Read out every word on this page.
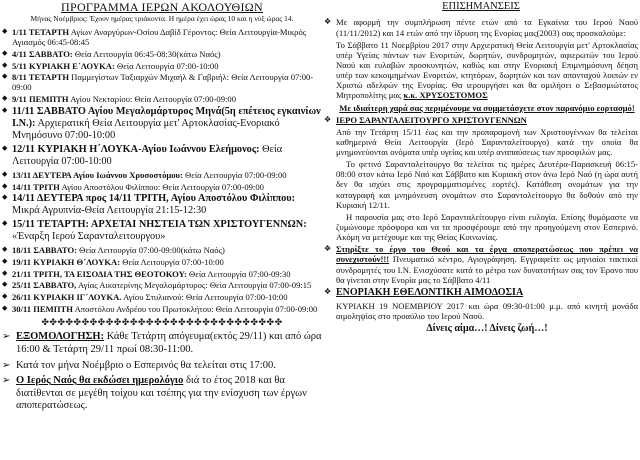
ΠΡΟΓΡΑΜΜΑ ΙΕΡΩΝ ΑΚΟΛΟΥΘΙΩΝ
Μήνας Νοέμβριος: Έχουν ημέρας τριάκοντα. Η ημέρα έχει ώρας 10 και η νύξ ώρας 14.
◆
1/11 ΤΕΤΑΡΤΗ Αγίων Αναργύρων-Οσίου Δαβίδ Γέροντος: Θεία Λειτουργία-Μικρός Αγιασμός 06:45-08:45
◆
4/11 ΣΑΒΒΑΤΟ: Θεία Λειτουργία 06:45-08:30(κάτω Ναός)
◆
5/11 ΚΥΡΙΑΚΗ Ε΄ΛΟΥΚΑ: Θεία Λειτουργία 07:00-10:00
◆
8/11 ΤΕΤΑΡΤΗ Παμμεγίστων Ταξιαρχών Μιχαήλ & Γαβριήλ: Θεία Λειτουργία 07:00-09:00
◆
9/11 ΠΕΜΠΤΗ Αγίου Νεκταρίου: Θεία Λειτουργία 07:00-09:00
◆
11/11 ΣΑΒΒΑΤΟ Αγίου Μεγαλομάρτυρος Μηνά(5η επέτειος εγκαινίων Ι.Ν.): Αρχιερατική Θεία Λειτουργία μετ' Αρτοκλασίας-Ενοριακό Μνημόσυνο 07:00-10:00
◆
12/11 ΚΥΡΙΑΚΗ Η΄ΛΟΥΚΑ-Αγίου Ιωάννου Ελεήμονος: Θεία Λειτουργία 07:00-10:00
◆
13/11 ΔΕΥΤΕΡΑ Αγίου Ιωάννου Χρυσοστόμου: Θεία Λειτουργία 07:00-09:00
◆
14/11 ΤΡΙΤΗ Αγίου Αποστόλου Φιλίππου: Θεία Λειτουργία 07:00-09:00
◆
14/11 ΔΕΥΤΕΡΑ προς 14/11 ΤΡΙΤΗ, Αγίου Αποστόλου Φιλίππου: Μικρά Αγρυπνία-Θεία Λειτουργία 21:15-12:30
◆
15/11 ΤΕΤΑΡΤΗ: ΑΡΧΕΤΑΙ ΝΗΣΤΕΙΑ ΤΩΝ ΧΡΙΣΤΟΥΓΕΝΝΩΝ: «Έναρξη Ιερού Σαρανταλειτουργου»
◆
18/11 ΣΑΒΒΑΤΟ: Θεία Λειτουργία 07:00-09:00(κάτω Ναός)
◆
19/11 ΚΥΡΙΑΚΗ Θ΄ΛΟΥΚΑ: Θεία Λειτουργία 07:00-10:00
◆
21/11 ΤΡΙΤΗ, ΤΑ ΕΙΣΟΔΙΑ ΤΗΣ ΘΕΟΤΟΚΟΥ: Θεία Λειτουργία 07:00-09:30
◆
25/11 ΣΑΒΒΑΤΟ, Αγίας Αικατερίνης Μεγαλομάρτυρος: Θεία Λειτουργία 07:00-09:15
◆
26/11 ΚΥΡΙΑΚΗ ΙΓ΄ΛΟΥΚΑ. Αγίου Στυλιανού: Θεία Λειτουργία 07:00-10:00
◆
30/11 ΠΕΜΠΤΗ Αποστόλου Ανδρέου του Πρωτοκλήτου: Θεία Λειτουργία 07:00-09:00
✤✤✤✤✤✤✤✤✤✤✤✤✤✤✤✤✤✤✤✤✤✤✤✤✤✤✤✤✤✤
➢
ΕΞΟΜΟΛΟΓΗΣΗ: Κάθε Τετάρτη απόγευμα(εκτός 29/11) και από ώρα 16:00 & Τετάρτη 29/11 πρωί 08:30-11:00.
➢
Κατά τον μήνα Νοέμβριο ο Εσπερινός θα τελείται στις 17:00.
➢
Ο Ιερός Ναός θα εκδώσει ημερολόγιο διά το έτος 2018 και θα διατίθενται σε μεγέθη τοίχου και τσέπης για την ενίσχυση των έργων αποπερατώσεως.
ΕΠΙΣΗΜΑΝΣΕΙΣ
❖
Με αφορμή την συμπλήρωση πέντε ετών από τα Εγκαίνια του Ιερού Ναού (11/11/2012) και 14 ετών από την ίδρυση της Ενορίας μας(2003) σας προσκαλούμε:
Το Σάββατο 11 Νοεμβρίου 2017 στην Αρχιερατική Θεία Λειτουργία μετ' Αρτοκλασίας υπέρ Υγείας πάντων των Ενοριτών, δωρητών, συνδρομητών, αφιερωτών του Ιερού Ναού και ευλαβών προσκυνητών, καθώς και στην Ενοριακή Επιμνημόσυνη δέηση υπέρ των κεκοιμημένων Ενοριτών, κτητόρων, δωρητών και των απανταχού λοιπών εν Χριστώ αδελφών της Ενορίας. Θα ιερουργήσει και θα ομιλήσει ο Σεβασμιώτατος Μητροπολίτης μας κ.κ. ΧΡΥΣΟΣΤΟΜΟΣ
Με ιδιαίτερη χαρά σας περιμένουμε να συμμετάσχετε στον παρανόμιο εορτασμό!
❖
ΙΕΡΟ ΣΑΡΑΝΤΑΛΕΙΤΟΥΡΓΟ ΧΡΙΣΤΟΥΓΕΝΝΩΝ
Από την Τετάρτη 15/11 έως και την προπαραμονή των Χριστουγέννων θα τελείται καθημερινά Θεία Λειτουργία (Ιερό Σαρανταλείτουργο) κατά την οποία θα μνημονεύονται ονόματα υπέρ υγείας και υπέρ αναπαύσεως των προσφιλών μας.
Το φετινό Σαρανταλείτουργο θα τελείται τις ημέρες Δευτέρα-Παρασκευή 06:15-08:00 στον κάτω Ιερό Ναό και Σάββατο και Κυριακή στον άνω Ιερό Ναό (η ώρα αυτή δεν θα ισχύει στις προγραμματισμένες εορτές). Κατάθεση ονομάτων για την καταγραφή και μνημόνευση ονομάτων στο Σαρανταλείτουργο θα δοθούν από την Κυριακή 12/11.
Η παρουσία μας στο Ιερό Σαρανταλείτουργο είναι ευλογία. Επίσης θυμόμαστε να ζυμώνουμε πρόσφορα και να τα προσφέρουμε από την προηγούμενη στον Εσπερινό. Ακόμη να μετέχουμε και της Θείας Κοινωνίας.
❖
Στηρίξτε το έργο του Θεού και τα έργα αποπερατώσεως που πρέπει να συνεχιστούν!!! Πνευματικό κέντρο, Αγιογράφηση. Εγγραφείτε ως μηνιαίοι τακτικοί συνδρομητές του Ι.Ν. Ενισχύσατε κατά το μέτρο των δυνατοτήτων σας τον Έρανο που θα γίνεται στην Ενορία μας το Σάββατο 4/11
❖
ΕΝΟΡΙΑΚΗ ΕΘΕΛΟΝΤΙΚΗ ΑΙΜΟΔΟΣΙΑ
ΚΥΡΙΑΚΗ 19 ΝΟΕΜΒΡΙΟΥ 2017 και ώρα 09:30-01:00 μ.μ. από κινητή μονάδα αιμοληψίας στο προαύλιο του Ιερού Ναού.
Δίνεις αίμα…! Δίνεις ζωή…!
